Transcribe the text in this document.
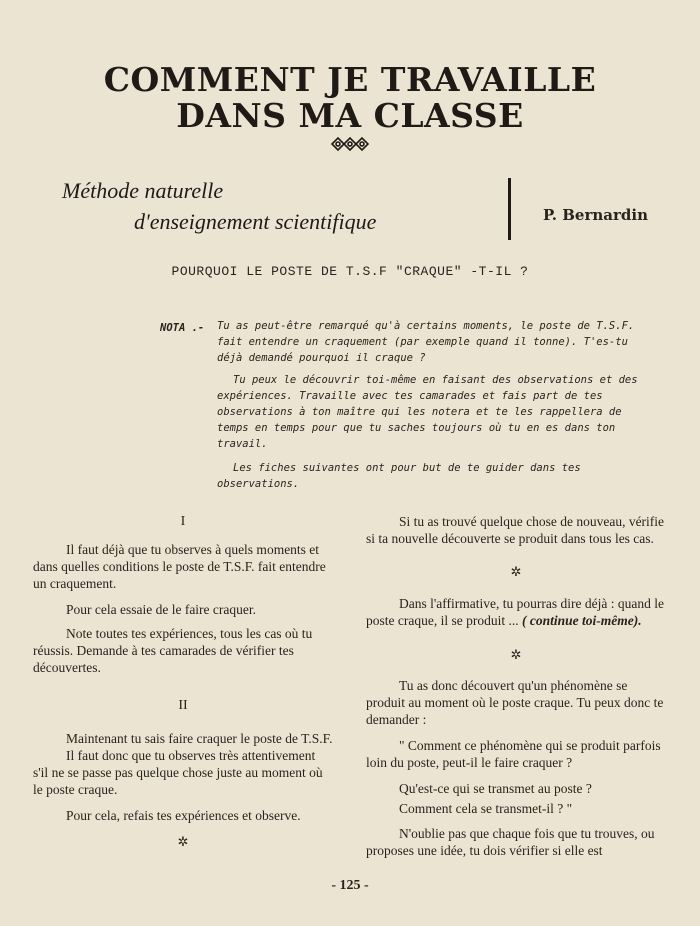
COMMENT JE TRAVAILLE
DANS MA CLASSE
Méthode naturelle
d'enseignement scientifique	P. Bernardin
POURQUOI LE POSTE DE T.S.F "CRAQUE" -T-IL ?
NOTA .- Tu as peut-être remarqué qu'à certains moments, le poste de T.S.F. fait entendre un craquement (par exemple quand il tonne). T'es-tu déjà demandé pourquoi il craque ?

Tu peux le découvrir toi-même en faisant des observations et des expériences. Travaille avec tes camarades et fais part de tes observations à ton maître qui les notera et te les rappellera de temps en temps pour que tu saches toujours où tu en es dans ton travail.

Les fiches suivantes ont pour but de te guider dans tes observations.

I

Il faut déjà que tu observes à quels moments et dans quelles conditions le poste de T.S.F. fait entendre un craquement.

Pour cela essaie de le faire craquer.

Note toutes tes expériences, tous les cas où tu réussis. Demande à tes camarades de vérifier tes découvertes.

II

Maintenant tu sais faire craquer le poste de T.S.F.

Il faut donc que tu observes très attentivement s'il ne se passe pas quelque chose juste au moment où le poste craque.

Pour cela, refais tes expériences et observe.

✲

Si tu as trouvé quelque chose de nouveau, vérifie si ta nouvelle découverte se produit dans tous les cas.

✲

Dans l'affirmative, tu pourras dire déjà : quand le poste craque, il se produit ... ( continue toi-même).

✲

Tu as donc découvert qu'un phénomène se produit au moment où le poste craque. Tu peux donc te demander :

" Comment ce phénomène qui se produit parfois loin du poste, peut-il le faire craquer ?

Qu'est-ce qui se transmet au poste ?

Comment cela se transmet-il ? "

N'oublie pas que chaque fois que tu trouves, ou proposes une idée, tu dois vérifier si elle est

- 125 -
